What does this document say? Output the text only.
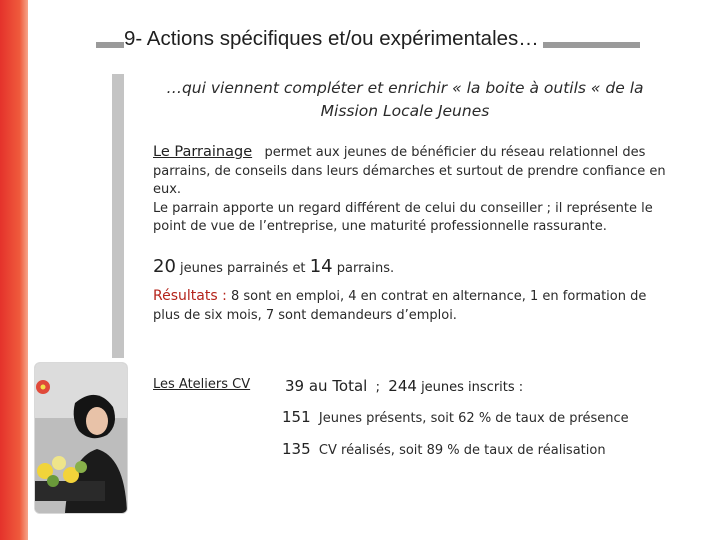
9- Actions spécifiques et/ou expérimentales…
…qui viennent compléter et enrichir « la boite à outils « de la Mission Locale Jeunes
Le Parrainage permet aux jeunes de bénéficier du réseau relationnel des parrains, de conseils dans leurs démarches et surtout de prendre confiance en eux.
Le parrain apporte un regard différent de celui du conseiller ; il représente le point de vue de l’entreprise, une maturité professionnelle rassurante.
20 jeunes parrainés et 14 parrains.
Résultats : 8 sont en emploi, 4 en contrat en alternance, 1 en formation de plus de six mois, 7 sont demandeurs d’emploi.
Les Ateliers CV 39 au Total ; 244 jeunes inscrits :
151 Jeunes présents, soit 62 % de taux de présence
135 CV réalisés, soit 89 % de taux de réalisation
